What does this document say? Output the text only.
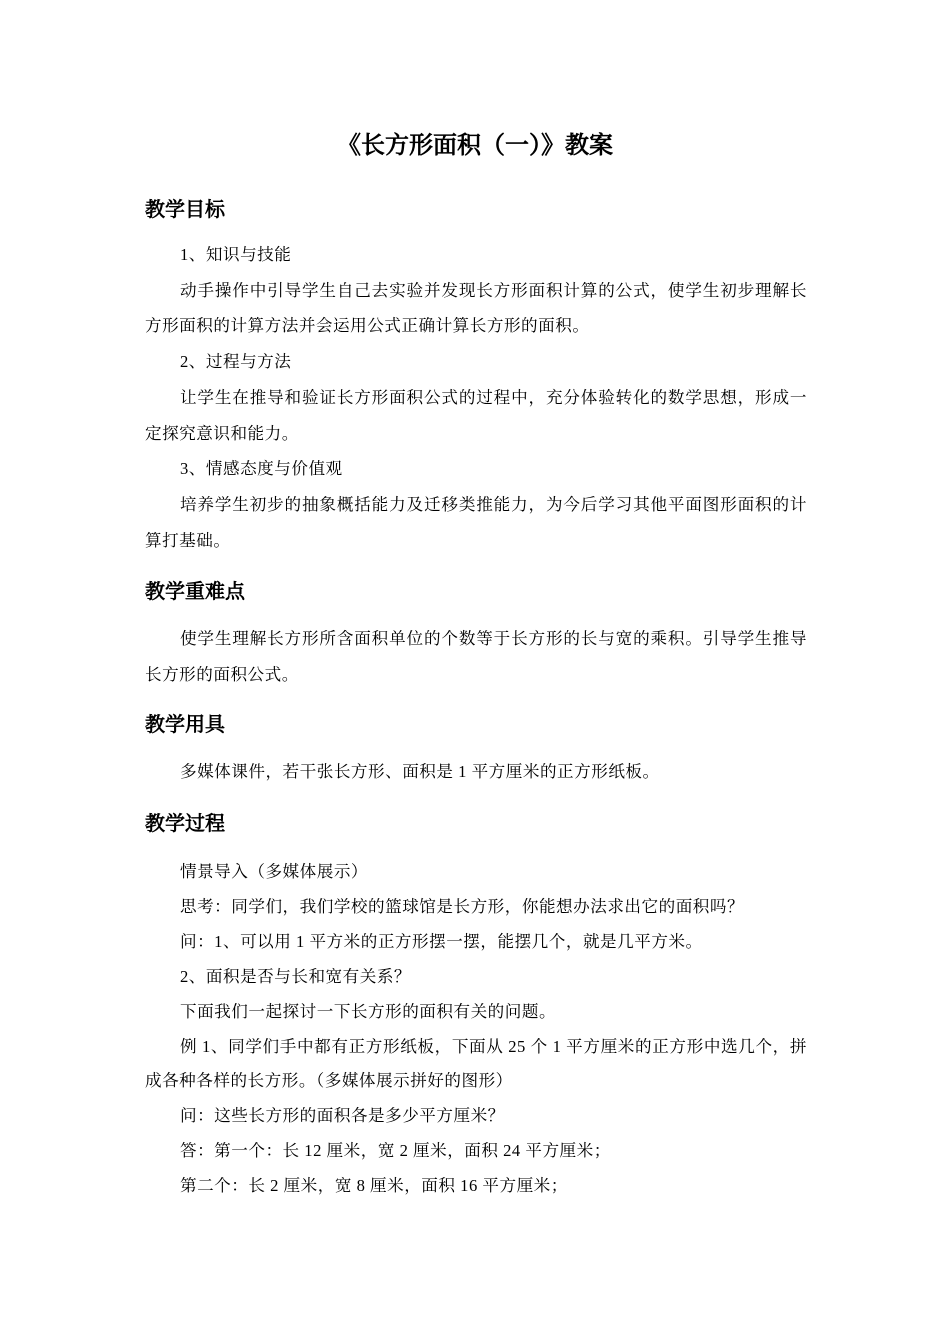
《长方形面积（一）》教案
教学目标

1、知识与技能

动手操作中引导学生自己去实验并发现长方形面积计算的公式，使学生初步理解长方形面积的计算方法并会运用公式正确计算长方形的面积。

2、过程与方法

让学生在推导和验证长方形面积公式的过程中，充分体验转化的数学思想，形成一定探究意识和能力。

3、情感态度与价值观

培养学生初步的抽象概括能力及迁移类推能力，为今后学习其他平面图形面积的计算打基础。

教学重难点

使学生理解长方形所含面积单位的个数等于长方形的长与宽的乘积。引导学生推导长方形的面积公式。

教学用具

多媒体课件，若干张长方形、面积是 1 平方厘米的正方形纸板。

教学过程

情景导入（多媒体展示）

思考：同学们，我们学校的篮球馆是长方形，你能想办法求出它的面积吗？

问：1、可以用 1 平方米的正方形摆一摆，能摆几个，就是几平方米。

2、面积是否与长和宽有关系？

下面我们一起探讨一下长方形的面积有关的问题。

例 1、同学们手中都有正方形纸板，下面从 25 个 1 平方厘米的正方形中选几个，拼成各种各样的长方形。（多媒体展示拼好的图形）

问：这些长方形的面积各是多少平方厘米？

答：第一个：长 12 厘米，宽 2 厘米，面积 24 平方厘米；

第二个：长 2 厘米，宽 8 厘米，面积 16 平方厘米；
